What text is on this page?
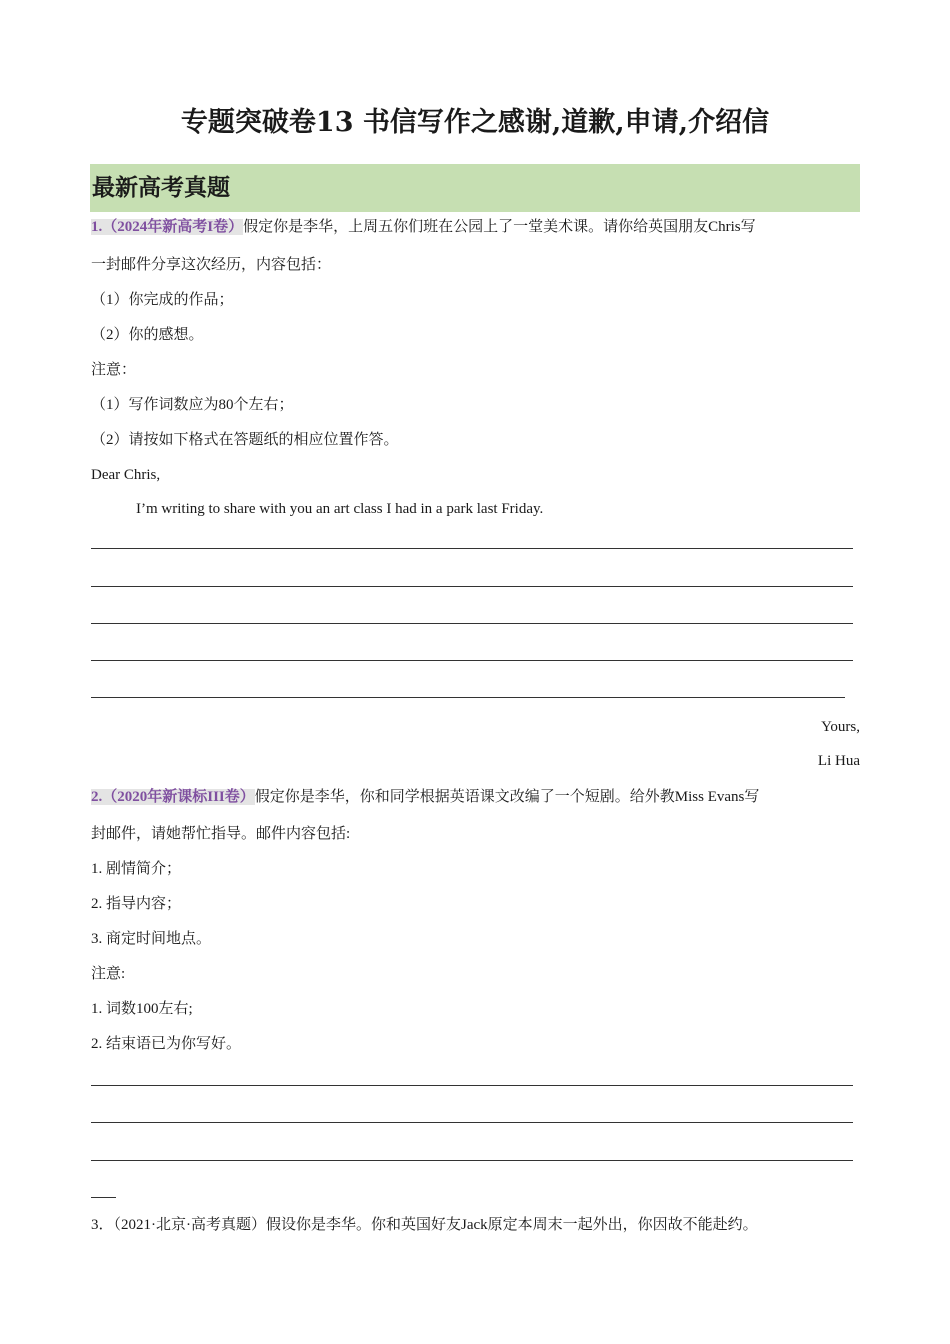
专题突破卷13 书信写作之感谢,道歉,申请,介绍信
最新高考真题
1.（2024年新高考I卷）假定你是李华，上周五你们班在公园上了一堂美术课。请你给英国朋友Chris写
一封邮件分享这次经历，内容包括：
（1）你完成的作品；
（2）你的感想。
注意：
（1）写作词数应为80个左右；
（2）请按如下格式在答题纸的相应位置作答。
Dear Chris,
I’m writing to share with you an art class I had in a park last Friday.
Yours,
Li Hua
2.（2020年新课标III卷）假定你是李华，你和同学根据英语课文改编了一个短剧。给外教Miss Evans写
封邮件，请她帮忙指导。邮件内容包括:
1. 剧情简介；
2. 指导内容；
3. 商定时间地点。
注意:
1. 词数100左右;
2. 结束语已为你写好。
3．（2021·北京·高考真题）假设你是李华。你和英国好友Jack原定本周末一起外出，你因故不能赴约。
